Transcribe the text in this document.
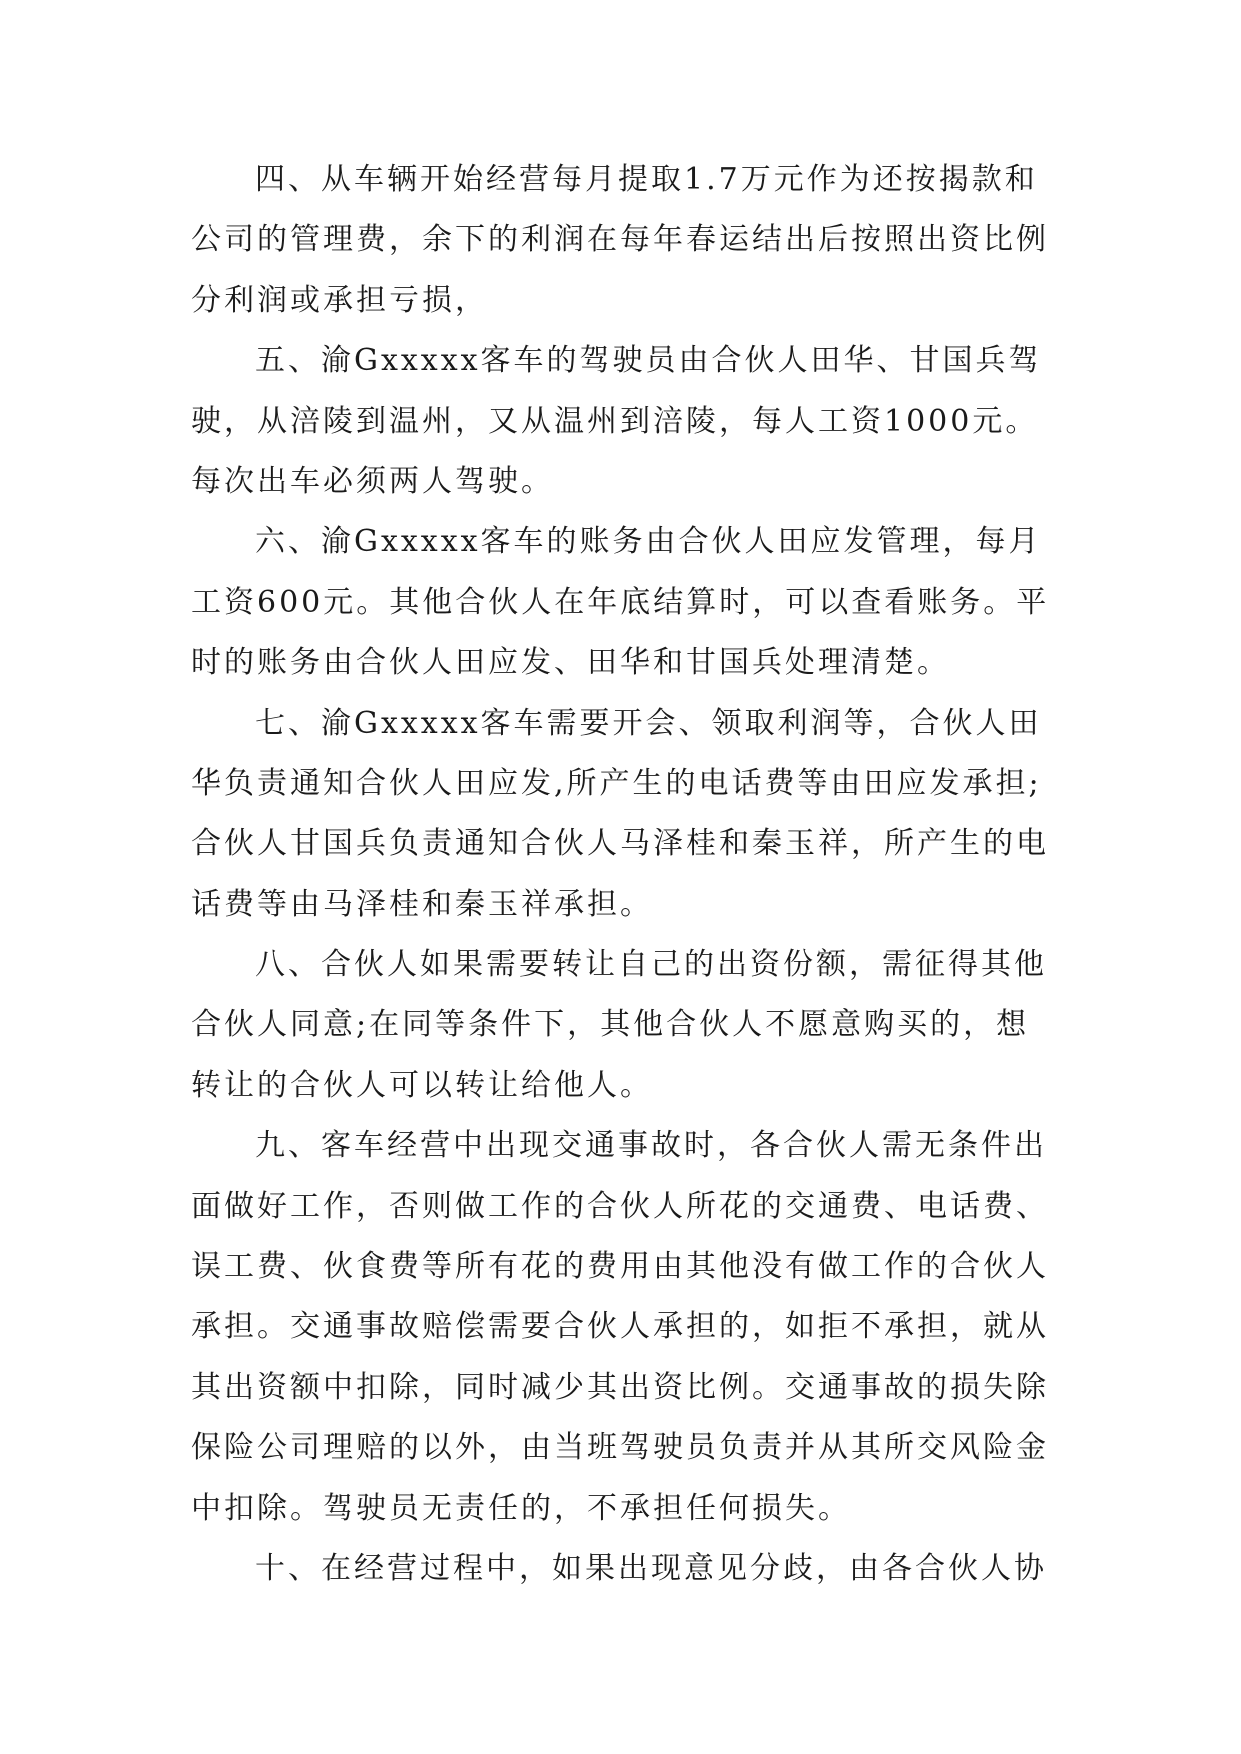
四、从车辆开始经营每月提取1.7万元作为还按揭款和
公司的管理费，余下的利润在每年春运结出后按照出资比例
分利润或承担亏损，
五、渝Gxxxxx客车的驾驶员由合伙人田华、甘国兵驾
驶，从涪陵到温州，又从温州到涪陵，每人工资1000元。
每次出车必须两人驾驶。
六、渝Gxxxxx客车的账务由合伙人田应发管理，每月
工资600元。其他合伙人在年底结算时，可以查看账务。平
时的账务由合伙人田应发、田华和甘国兵处理清楚。
七、渝Gxxxxx客车需要开会、领取利润等，合伙人田
华负责通知合伙人田应发,所产生的电话费等由田应发承担;
合伙人甘国兵负责通知合伙人马泽桂和秦玉祥，所产生的电
话费等由马泽桂和秦玉祥承担。
八、合伙人如果需要转让自己的出资份额，需征得其他
合伙人同意;在同等条件下，其他合伙人不愿意购买的，想
转让的合伙人可以转让给他人。
九、客车经营中出现交通事故时，各合伙人需无条件出
面做好工作，否则做工作的合伙人所花的交通费、电话费、
误工费、伙食费等所有花的费用由其他没有做工作的合伙人
承担。交通事故赔偿需要合伙人承担的，如拒不承担，就从
其出资额中扣除，同时减少其出资比例。交通事故的损失除
保险公司理赔的以外，由当班驾驶员负责并从其所交风险金
中扣除。驾驶员无责任的，不承担任何损失。
十、在经营过程中，如果出现意见分歧，由各合伙人协
